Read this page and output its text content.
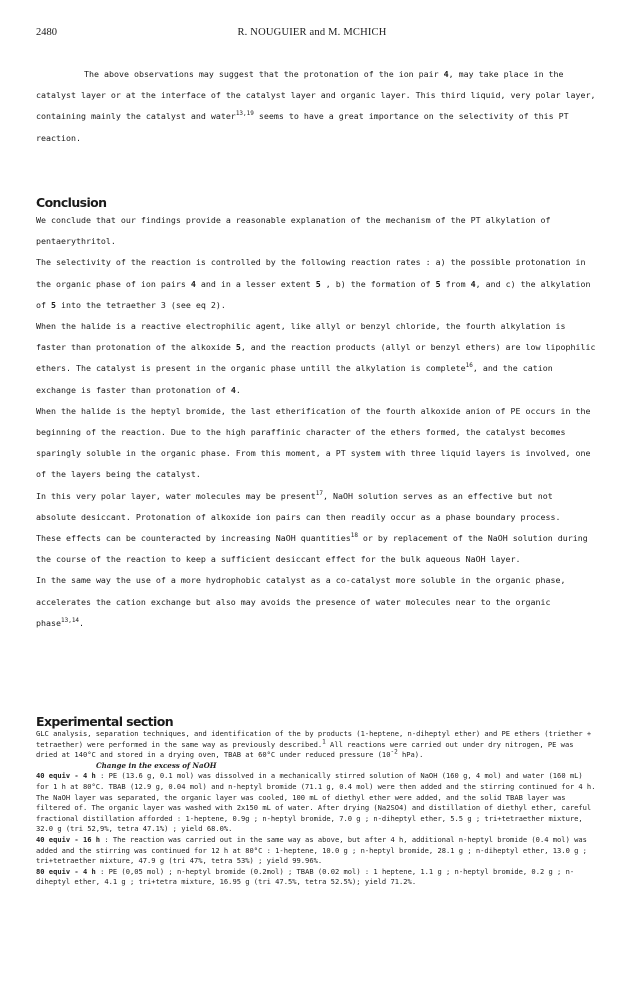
2480	R. NOUGUIER and M. MCHICH

The above observations may suggest that the protonation of the ion pair 4, may take place in the catalyst layer or at the interface of the catalyst layer and organic layer. This third liquid, very polar layer, containing mainly the catalyst and water$^{13,19}$ seems to have a great importance on the selectivity of this PT reaction.

Conclusion

We conclude that our findings provide a reasonable explanation of the mechanism of the PT alkylation of pentaerythritol.

The selectivity of the reaction is controlled by the following reaction rates : a) the possible protonation in the organic phase of ion pairs 4 and in a lesser extent 5 , b) the formation of 5 from 4, and c) the alkylation of 5 into the tetraether 3 (see eq 2).

When the halide is a reactive electrophilic agent, like allyl or benzyl chloride, the fourth alkylation is faster than protonation of the alkoxide 5, and the reaction products (allyl or benzyl ethers) are low lipophilic ethers. The catalyst is present in the organic phase untill the alkylation is complete$^{16}$, and the cation exchange is faster than protonation of 4.

When the halide is the heptyl bromide, the last etherification of the fourth alkoxide anion of PE occurs in the beginning of the reaction. Due to the high paraffinic character of the ethers formed, the catalyst becomes sparingly soluble in the organic phase. From this moment, a PT system with three liquid layers is involved, one of the layers being the catalyst.

In this very polar layer, water molecules may be present$^{17}$, NaOH solution serves as an effective but not absolute desiccant. Protonation of alkoxide ion pairs can then readily occur as a phase boundary process.

These effects can be counteracted by increasing NaOH quantities$^{18}$ or by replacement of the NaOH solution during the course of the reaction to keep a sufficient desiccant effect for the bulk aqueous NaOH layer.

In the same way the use of a more hydrophobic catalyst as a co-catalyst more soluble in the organic phase, accelerates the cation exchange but also may avoids the presence of water molecules near to the organic phase$^{13,14}$.

Experimental section

GLC analysis, separation techniques, and identification of the by products (1-heptene, n-diheptyl ether) and PE ethers (triether + tetraether) were performed in the same way as previously described.$^1$ All reactions were carried out under dry nitrogen, PE was dried at 140°C and stored in a drying oven, TBAB at 60°C under reduced pressure ($10^{-2}$ hPa).

Change in the excess of NaOH

40 equiv - 4 h : PE (13.6 g, 0.1 mol) was dissolved in a mechanically stirred solution of NaOH (160 g, 4 mol) and water (160 mL) for 1 h at 80°C. TBAB (12.9 g, 0.04 mol) and n-heptyl bromide (71.1 g, 0.4 mol) were then added and the stirring continued for 4 h. The NaOH layer was separated, the organic layer was cooled, 100 mL of diethyl ether were added, and the solid TBAB layer was filtered of. The organic layer was washed with 2x150 mL of water. After drying (Na2SO4) and distillation of diethyl ether, careful fractional distillation afforded : 1-heptene, 0.9g ; n-heptyl bromide, 7.0 g ; n-diheptyl ether, 5.5 g ; tri+tetraether mixture, 32.0 g (tri 52,9%, tetra 47.1%) ; yield 68.0%.

40 equiv - 16 h : The reaction was carried out in the same way as above, but after 4 h, additional n-heptyl bromide (0.4 mol) was added and the stirring was continued for 12 h at 80°C : 1-heptene, 10.0 g ; n-heptyl bromide, 28.1 g ; n-diheptyl ether, 13.0 g ; tri+tetraether mixture, 47.9 g (tri 47%, tetra 53%) ; yield 99.96%.

80 equiv - 4 h : PE (0,05 mol) ; n-heptyl bromide (0.2mol) ; TBAB (0.02 mol) : 1 heptene, 1.1 g ; n-heptyl bromide, 0.2 g ; n-diheptyl ether, 4.1 g ; tri+tetra mixture, 16.95 g (tri 47.5%, tetra 52.5%); yield 71.2%.
